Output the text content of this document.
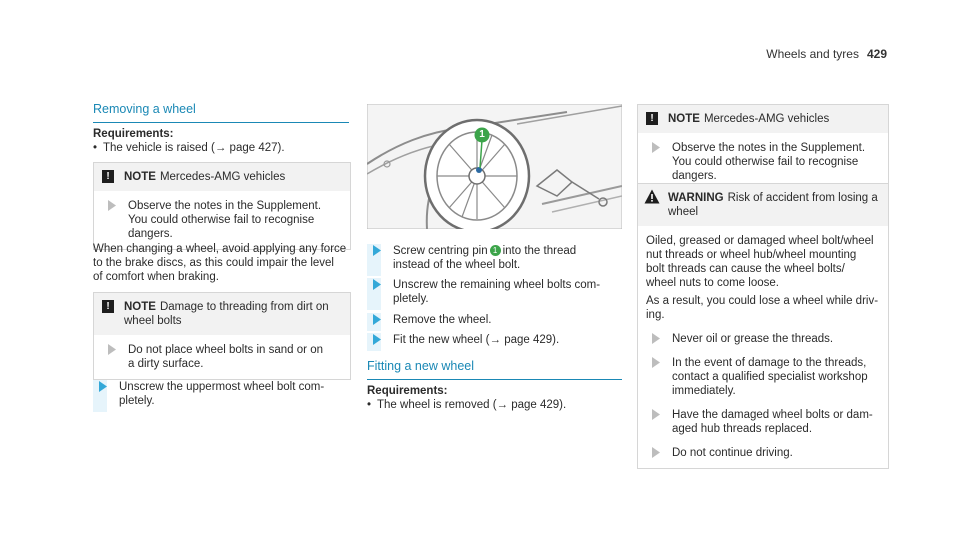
Wheels and tyres 429
Removing a wheel

Requirements:

• The vehicle is raised (→ page 427).

!	NOTE Mercedes-AMG vehicles

Observe the notes in the Supplement.

You could otherwise fail to recognise

dangers.

When changing a wheel, avoid applying any force

to the brake discs, as this could impair the level

of comfort when braking.

!	NOTE Damage to threading from dirt on

wheel bolts

Do not place wheel bolts in sand or on

a dirty surface.

Unscrew the uppermost wheel bolt com-

pletely.

1

Screw centring pin 1 into the thread

instead of the wheel bolt.

Unscrew the remaining wheel bolts com-

pletely.

Remove the wheel.

Fit the new wheel (→ page 429).

Fitting a new wheel

Requirements:

• The wheel is removed (→ page 429).

!	NOTE Mercedes-AMG vehicles

Observe the notes in the Supplement.

You could otherwise fail to recognise

dangers.

WARNING Risk of accident from losing a

wheel

Oiled, greased or damaged wheel bolt/wheel

nut threads or wheel hub/wheel mounting

bolt threads can cause the wheel bolts/

wheel nuts to come loose.

As a result, you could lose a wheel while driv-

ing.

Never oil or grease the threads.

In the event of damage to the threads,

contact a qualified specialist workshop

immediately.

Have the damaged wheel bolts or dam-

aged hub threads replaced.

Do not continue driving.
